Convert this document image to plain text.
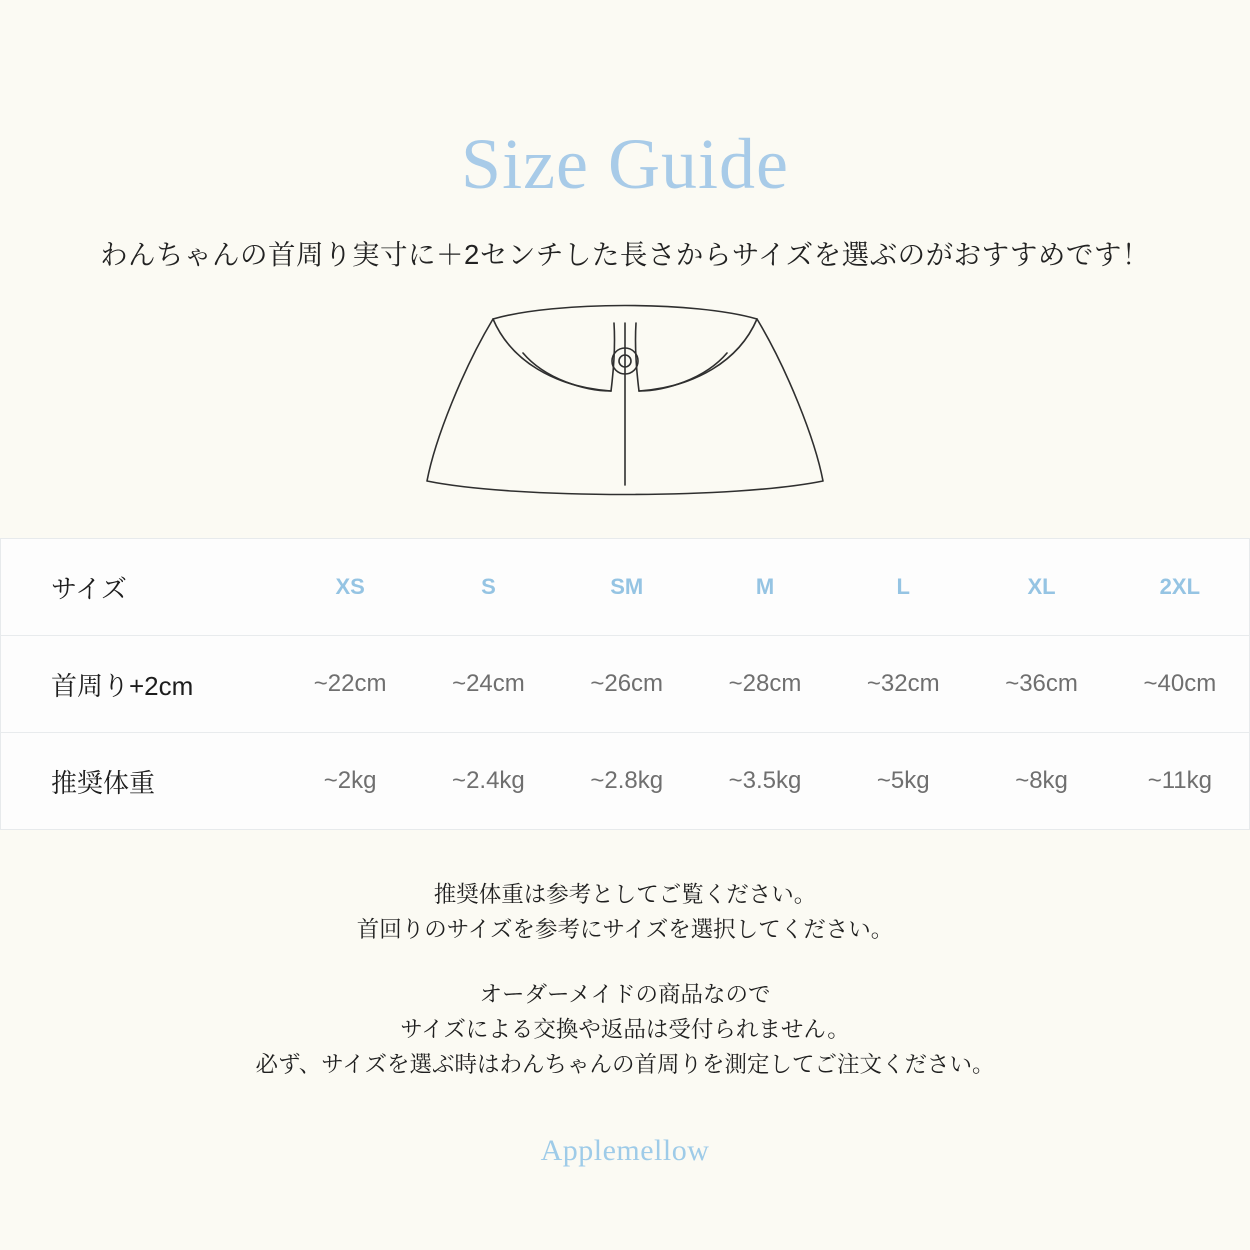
Size Guide

わんちゃんの首周り実寸に＋2センチした長さからサイズを選ぶのがおすすめです！

サイズ	XS	S	SM	M	L	XL	2XL
首周り+2cm	~22cm	~24cm	~26cm	~28cm	~32cm	~36cm	~40cm
推奨体重	~2kg	~2.4kg	~2.8kg	~3.5kg	~5kg	~8kg	~11kg

推奨体重は参考としてご覧ください。

首回りのサイズを参考にサイズを選択してください。

オーダーメイドの商品なので

サイズによる交換や返品は受付られません。

必ず、サイズを選ぶ時はわんちゃんの首周りを測定してご注文ください。

Applemellow
